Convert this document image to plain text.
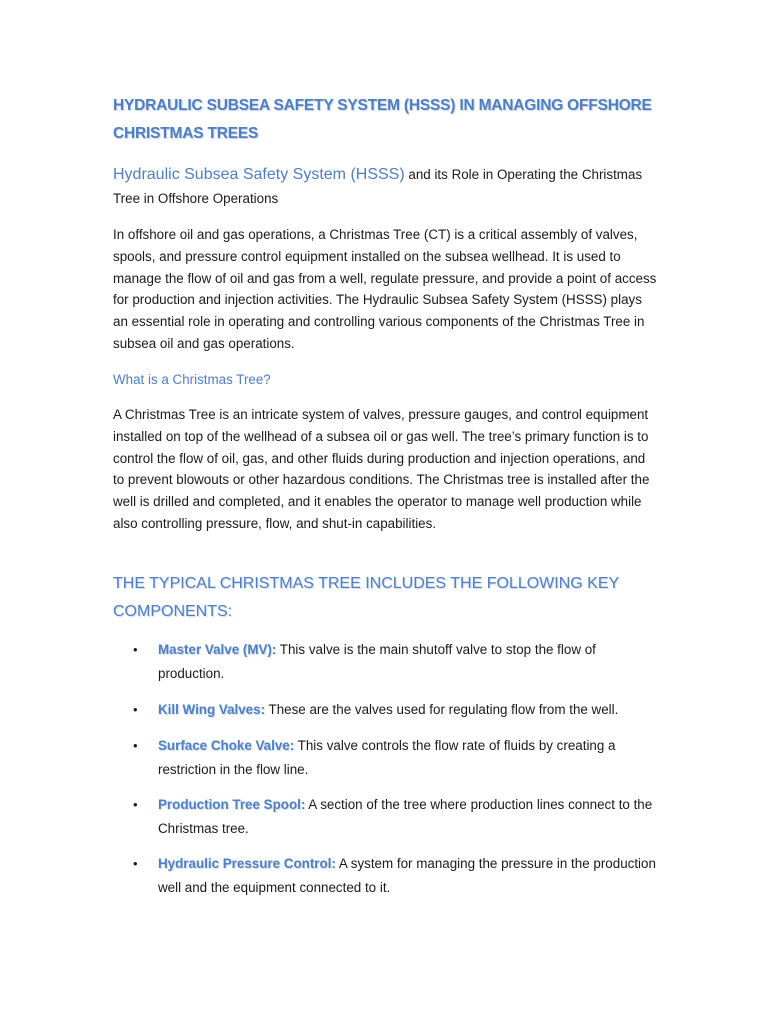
HYDRAULIC SUBSEA SAFETY SYSTEM (HSSS) IN MANAGING OFFSHORE CHRISTMAS TREES
Hydraulic Subsea Safety System (HSSS) and its Role in Operating the Christmas Tree in Offshore Operations

In offshore oil and gas operations, a Christmas Tree (CT) is a critical assembly of valves, spools, and pressure control equipment installed on the subsea wellhead. It is used to manage the flow of oil and gas from a well, regulate pressure, and provide a point of access for production and injection activities. The Hydraulic Subsea Safety System (HSSS) plays an essential role in operating and controlling various components of the Christmas Tree in subsea oil and gas operations.

What is a Christmas Tree?

A Christmas Tree is an intricate system of valves, pressure gauges, and control equipment installed on top of the wellhead of a subsea oil or gas well. The tree’s primary function is to control the flow of oil, gas, and other fluids during production and injection operations, and to prevent blowouts or other hazardous conditions. The Christmas tree is installed after the well is drilled and completed, and it enables the operator to manage well production while also controlling pressure, flow, and shut-in capabilities.

THE TYPICAL CHRISTMAS TREE INCLUDES THE FOLLOWING KEY COMPONENTS:
• Master Valve (MV): This valve is the main shutoff valve to stop the flow of production.
• Kill Wing Valves: These are the valves used for regulating flow from the well.
• Surface Choke Valve: This valve controls the flow rate of fluids by creating a restriction in the flow line.
• Production Tree Spool: A section of the tree where production lines connect to the Christmas tree.
• Hydraulic Pressure Control: A system for managing the pressure in the production well and the equipment connected to it.
